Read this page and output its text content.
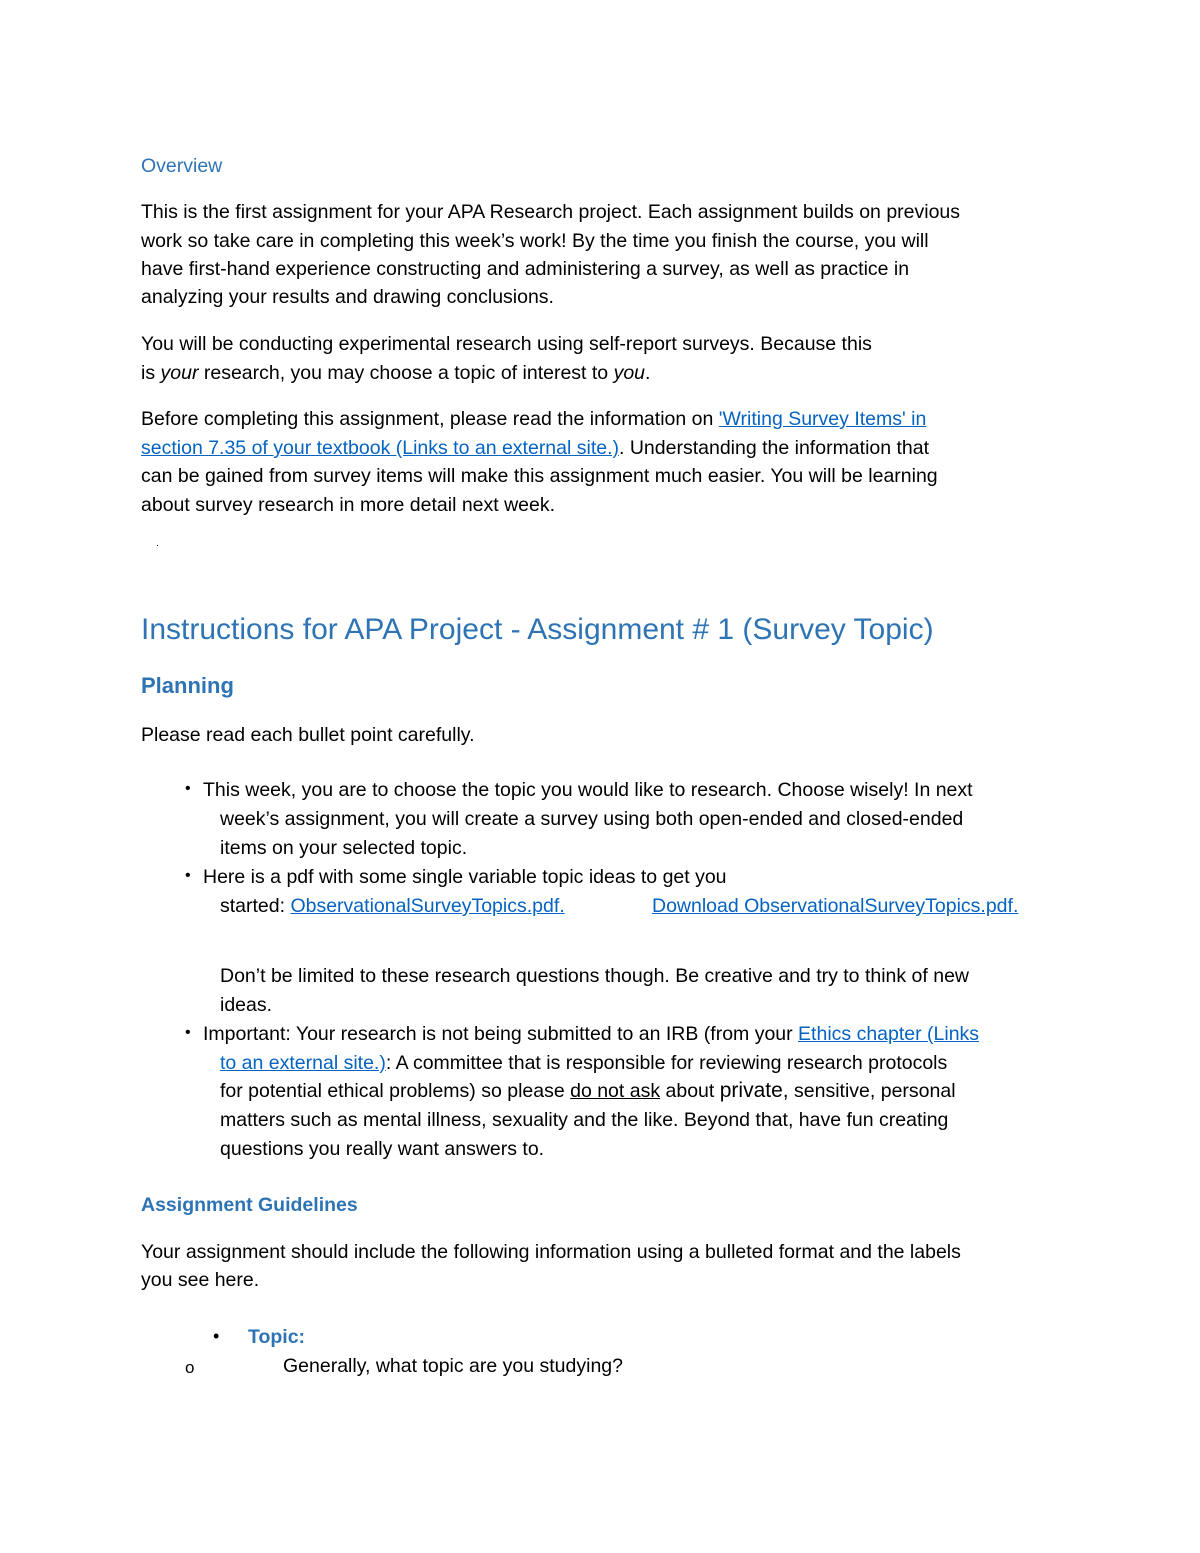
Overview
This is the first assignment for your APA Research project. Each assignment builds on previous
work so take care in completing this week’s work! By the time you finish the course, you will
have first-hand experience constructing and administering a survey, as well as practice in
analyzing your results and drawing conclusions.
You will be conducting experimental research using self-report surveys. Because this
is your research, you may choose a topic of interest to you.
Before completing this assignment, please read the information on 'Writing Survey Items' in
section 7.35 of your textbook (Links to an external site.). Understanding the information that
can be gained from survey items will make this assignment much easier. You will be learning
about survey research in more detail next week.
.
Instructions for APA Project - Assignment # 1 (Survey Topic)
Planning
Please read each bullet point carefully.
• This week, you are to choose the topic you would like to research. Choose wisely! In next
week’s assignment, you will create a survey using both open-ended and closed-ended
items on your selected topic.
• Here is a pdf with some single variable topic ideas to get you
started: ObservationalSurveyTopics.pdf.	Download ObservationalSurveyTopics.pdf.
Don’t be limited to these research questions though. Be creative and try to think of new
ideas.
• Important: Your research is not being submitted to an IRB (from your Ethics chapter (Links
to an external site.): A committee that is responsible for reviewing research protocols
for potential ethical problems) so please do not ask about private, sensitive, personal
matters such as mental illness, sexuality and the like. Beyond that, have fun creating
questions you really want answers to.
Assignment Guidelines
Your assignment should include the following information using a bulleted format and the labels
you see here.
• Topic:
o	Generally, what topic are you studying?
